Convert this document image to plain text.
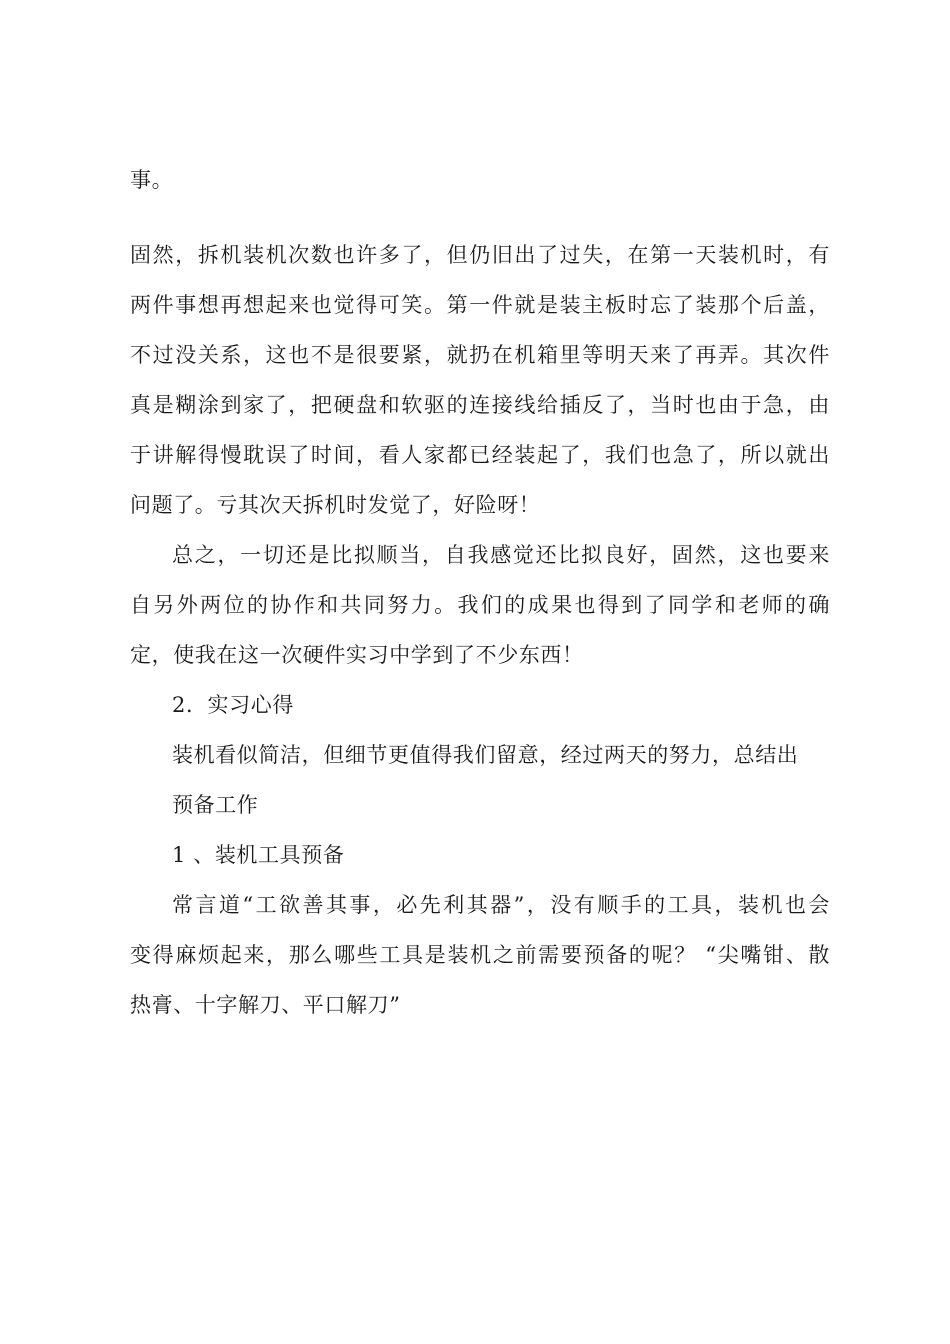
事。
固然，拆机装机次数也许多了，但仍旧出了过失，在第一天装机时，有
两件事想再想起来也觉得可笑。第一件就是装主板时忘了装那个后盖，
不过没关系，这也不是很要紧，就扔在机箱里等明天来了再弄。其次件
真是糊涂到家了，把硬盘和软驱的连接线给插反了，当时也由于急，由
于讲解得慢耽误了时间，看人家都已经装起了，我们也急了，所以就出
问题了。亏其次天拆机时发觉了，好险呀！
总之，一切还是比拟顺当，自我感觉还比拟良好，固然，这也要来
自另外两位的协作和共同努力。我们的成果也得到了同学和老师的确
定，使我在这一次硬件实习中学到了不少东西！
2．实习心得
装机看似简洁，但细节更值得我们留意，经过两天的努力，总结出
预备工作
1 、装机工具预备
常言道“工欲善其事，必先利其器”，没有顺手的工具，装机也会
变得麻烦起来，那么哪些工具是装机之前需要预备的呢？ “尖嘴钳、散
热膏、十字解刀、平口解刀”
